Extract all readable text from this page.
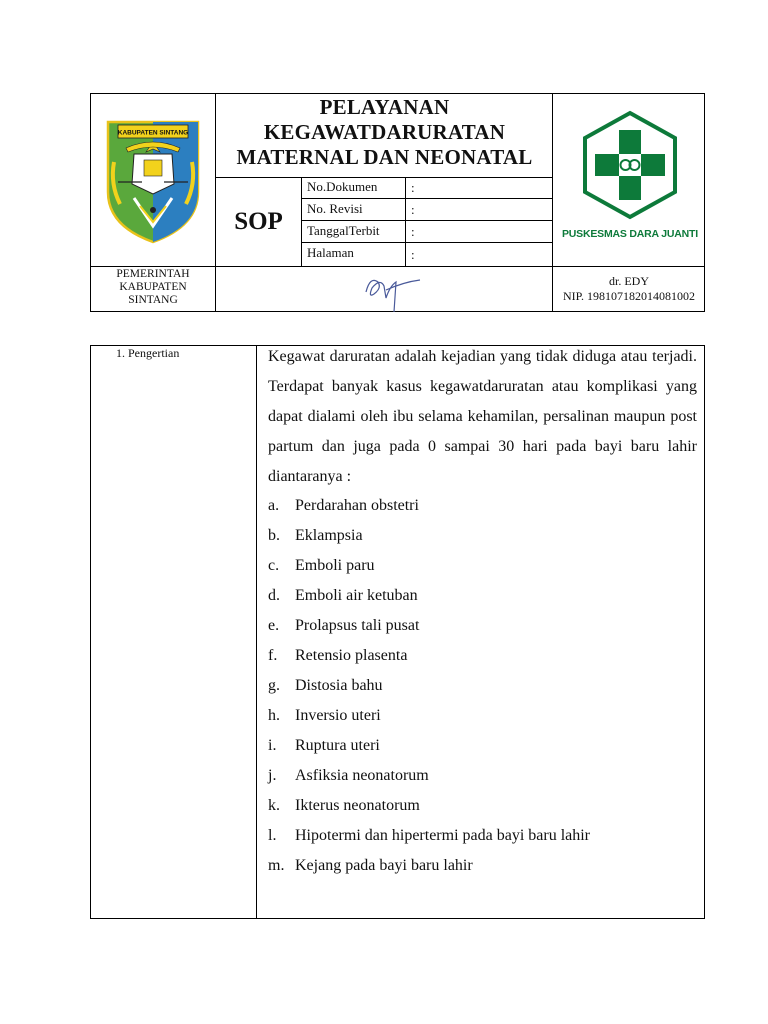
KABUPATEN SINTANG
PEMERINTAH
KABUPATEN
SINTANG
PELAYANAN
KEGAWATDARURATAN
MATERNAL DAN NEONATAL
SOP
No.Dokumen	:
No. Revisi	:
TanggalTerbit :
Halaman	:
PUSKESMAS DARA JUANTI
dr. EDY
NIP. 198107182014081002
1. Pengertian	Kegawat daruratan adalah kejadian yang tidak diduga atau terjadi. Terdapat banyak kasus kegawatdaruratan atau komplikasi yang dapat dialami oleh ibu selama kehamilan, persalinan maupun post partum dan juga pada 0 sampai 30 hari pada bayi baru lahir diantaranya :
a. Perdarahan obstetri
b. Eklampsia
c. Emboli paru
d. Emboli air ketuban
e. Prolapsus tali pusat
f.	Retensio plasenta
g. Distosia bahu
h. Inversio uteri
i.	Ruptura uteri
j.	Asfiksia neonatorum
k. Ikterus neonatorum
l.	Hipotermi dan hipertermi pada bayi baru lahir
m. Kejang pada bayi baru lahir
